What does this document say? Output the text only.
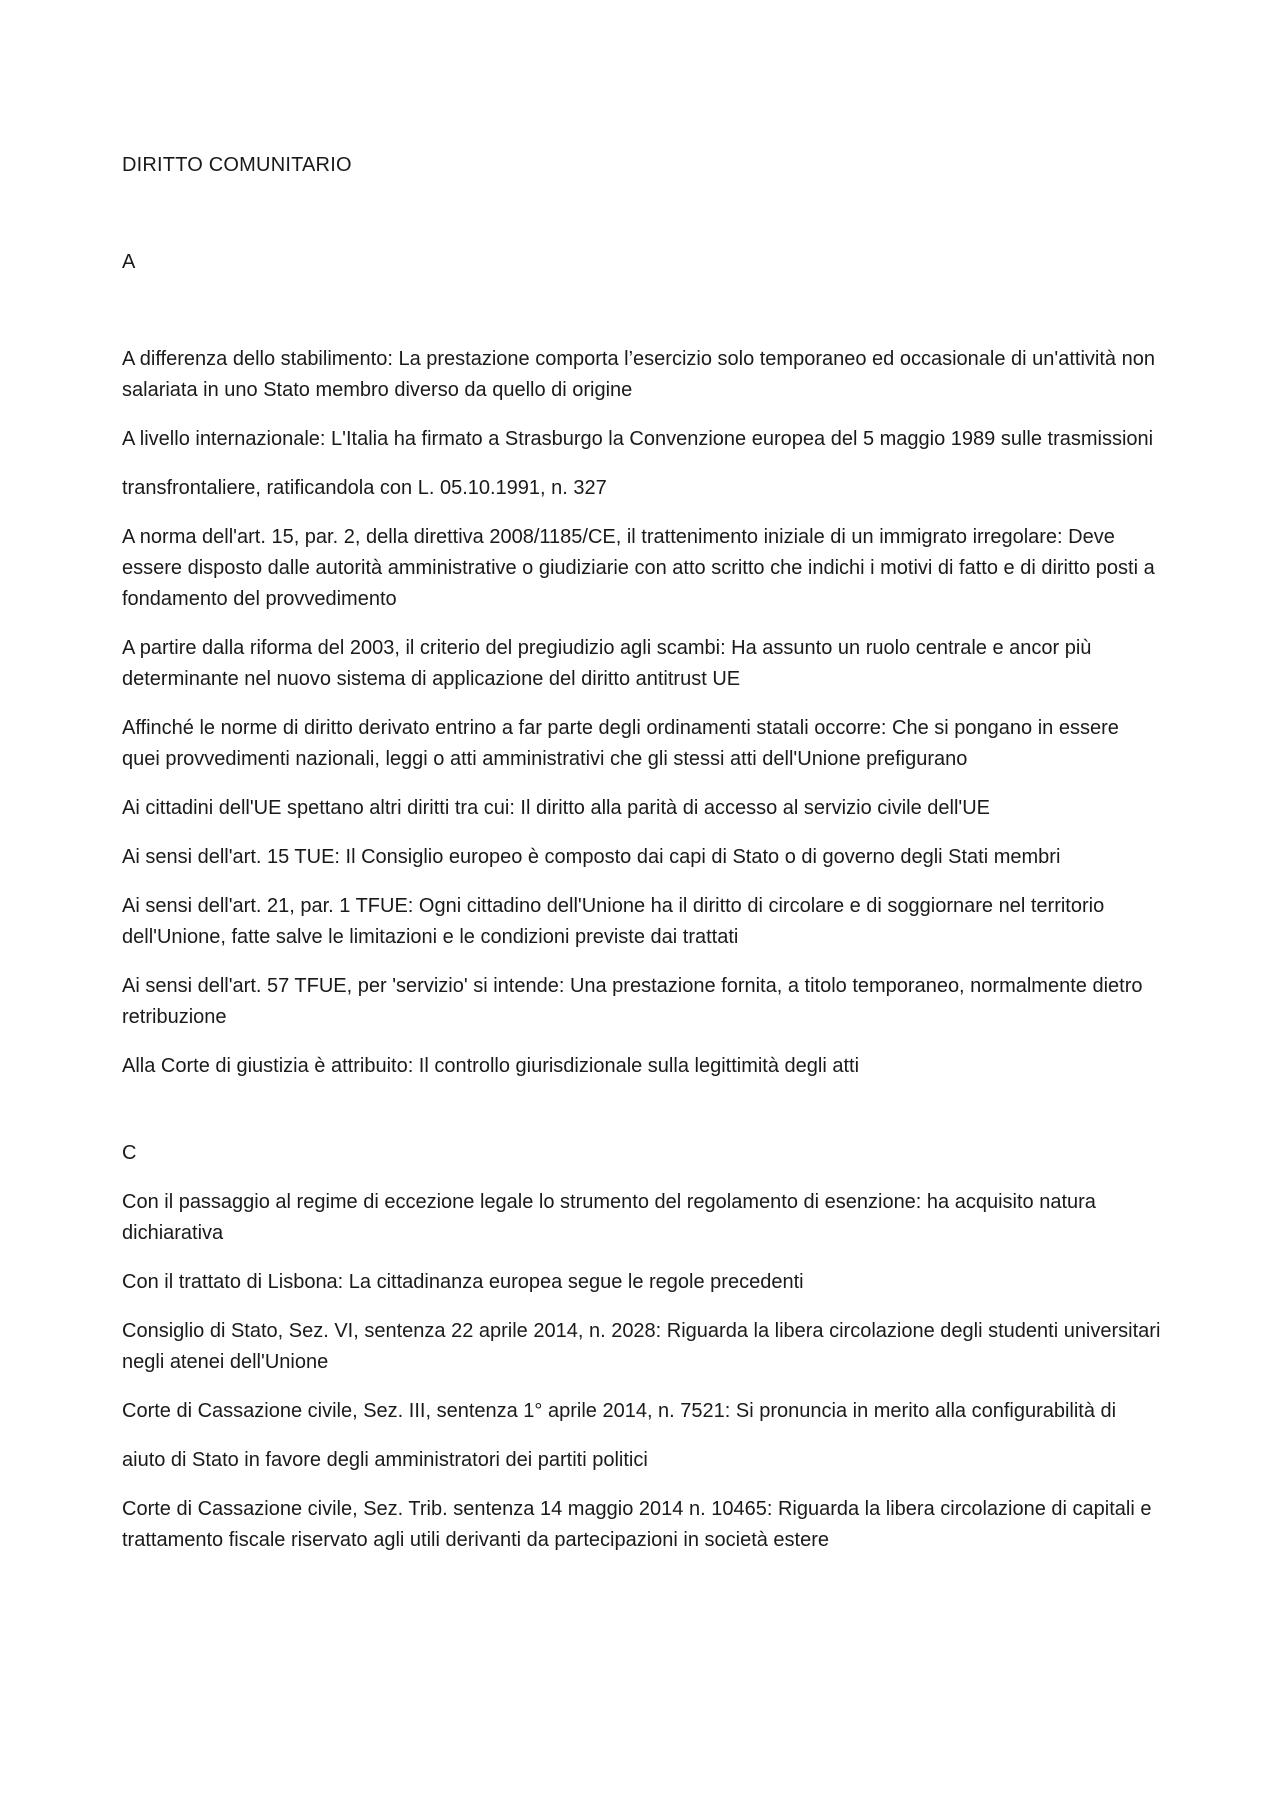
DIRITTO COMUNITARIO

A

A differenza dello stabilimento: La prestazione comporta l’esercizio solo temporaneo ed occasionale di un'attività non salariata in uno Stato membro diverso da quello di origine

A livello internazionale: L'Italia ha firmato a Strasburgo la Convenzione europea del 5 maggio 1989 sulle trasmissioni

transfrontaliere, ratificandola con L. 05.10.1991, n. 327

A norma dell'art. 15, par. 2, della direttiva 2008/1185/CE, il trattenimento iniziale di un immigrato irregolare: Deve essere disposto dalle autorità amministrative o giudiziarie con atto scritto che indichi i motivi di fatto e di diritto posti a fondamento del provvedimento

A partire dalla riforma del 2003, il criterio del pregiudizio agli scambi: Ha assunto un ruolo centrale e ancor più determinante nel nuovo sistema di applicazione del diritto antitrust UE

Affinché le norme di diritto derivato entrino a far parte degli ordinamenti statali occorre: Che si pongano in essere quei provvedimenti nazionali, leggi o atti amministrativi che gli stessi atti dell'Unione prefigurano

Ai cittadini dell'UE spettano altri diritti tra cui: Il diritto alla parità di accesso al servizio civile dell'UE

Ai sensi dell'art. 15 TUE: Il Consiglio europeo è composto dai capi di Stato o di governo degli Stati membri

Ai sensi dell'art. 21, par. 1 TFUE: Ogni cittadino dell'Unione ha il diritto di circolare e di soggiornare nel territorio dell'Unione, fatte salve le limitazioni e le condizioni previste dai trattati

Ai sensi dell'art. 57 TFUE, per 'servizio' si intende: Una prestazione fornita, a titolo temporaneo, normalmente dietro retribuzione

Alla Corte di giustizia è attribuito: Il controllo giurisdizionale sulla legittimità degli atti

C

Con il passaggio al regime di eccezione legale lo strumento del regolamento di esenzione: ha acquisito natura dichiarativa

Con il trattato di Lisbona: La cittadinanza europea segue le regole precedenti

Consiglio di Stato, Sez. VI, sentenza 22 aprile 2014, n. 2028: Riguarda la libera circolazione degli studenti universitari negli atenei dell'Unione

Corte di Cassazione civile, Sez. III, sentenza 1° aprile 2014, n. 7521: Si pronuncia in merito alla configurabilità di

aiuto di Stato in favore degli amministratori dei partiti politici

Corte di Cassazione civile, Sez. Trib. sentenza 14 maggio 2014 n. 10465: Riguarda la libera circolazione di capitali e trattamento fiscale riservato agli utili derivanti da partecipazioni in società estere
